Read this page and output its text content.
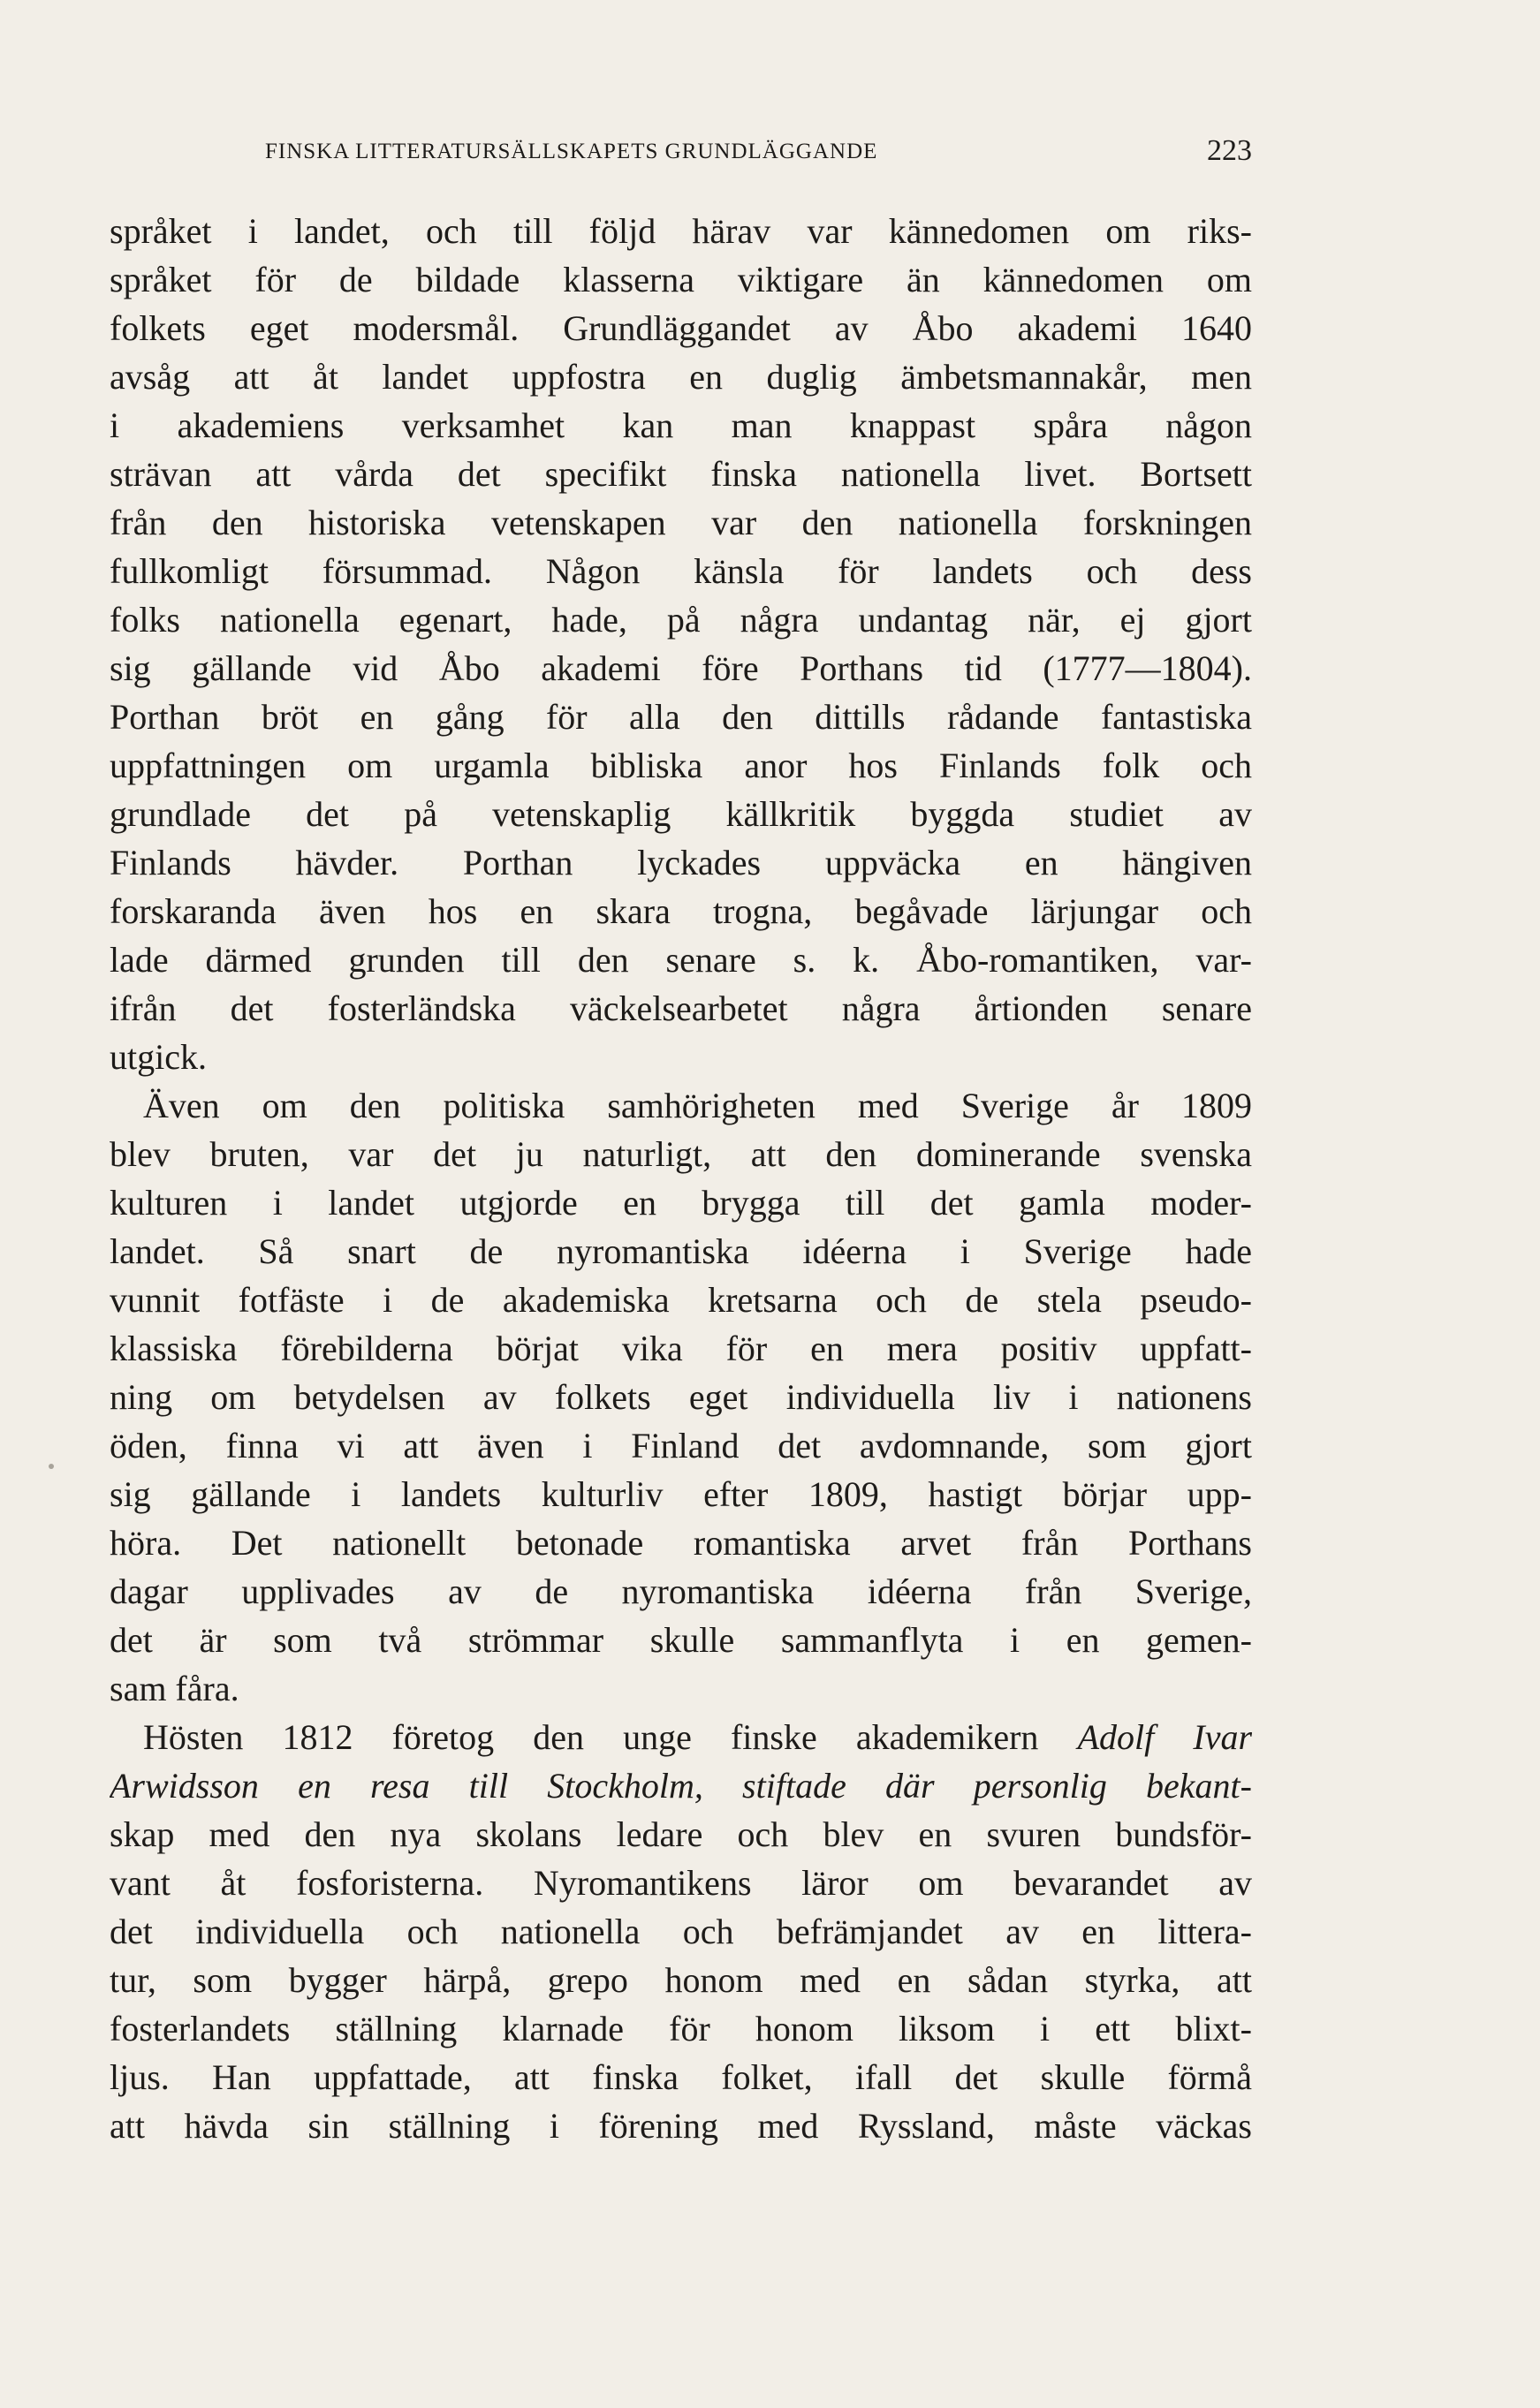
FINSKA LITTERATURSÄLLSKAPETS GRUNDLÄGGANDE	223
språket i landet, och till följd härav var kännedomen om riks-
språket för de bildade klasserna viktigare än kännedomen om
folkets eget modersmål. Grundläggandet av Åbo akademi 1640
avsåg att åt landet uppfostra en duglig ämbetsmannakår, men
i akademiens verksamhet kan man knappast spåra någon
strävan att vårda det specifikt finska nationella livet. Bortsett
från den historiska vetenskapen var den nationella forskningen
fullkomligt försummad. Någon känsla för landets och dess
folks nationella egenart, hade, på några undantag när, ej gjort
sig gällande vid Åbo akademi före Porthans tid (1777—1804).
Porthan bröt en gång för alla den dittills rådande fantastiska
uppfattningen om urgamla bibliska anor hos Finlands folk och
grundlade det på vetenskaplig källkritik byggda studiet av
Finlands hävder. Porthan lyckades uppväcka en hängiven
forskaranda även hos en skara trogna, begåvade lärjungar och
lade därmed grunden till den senare s. k. Åbo-romantiken, var-
ifrån det fosterländska väckelsearbetet några årtionden senare
utgick.
Även om den politiska samhörigheten med Sverige år 1809
blev bruten, var det ju naturligt, att den dominerande svenska
kulturen i landet utgjorde en brygga till det gamla moder-
landet. Så snart de nyromantiska idéerna i Sverige hade
vunnit fotfäste i de akademiska kretsarna och de stela pseudo-
klassiska förebilderna börjat vika för en mera positiv uppfatt-
ning om betydelsen av folkets eget individuella liv i nationens
öden, finna vi att även i Finland det avdomnande, som gjort
sig gällande i landets kulturliv efter 1809, hastigt börjar upp-
höra. Det nationellt betonade romantiska arvet från Porthans
dagar upplivades av de nyromantiska idéerna från Sverige,
det är som två strömmar skulle sammanflyta i en gemen-
sam fåra.
Hösten 1812 företog den unge finske akademikern Adolf Ivar
Arwidsson en resa till Stockholm, stiftade där personlig bekant-
skap med den nya skolans ledare och blev en svuren bundsför-
vant åt fosforisterna. Nyromantikens läror om bevarandet av
det individuella och nationella och befrämjandet av en littera-
tur, som bygger härpå, grepo honom med en sådan styrka, att
fosterlandets ställning klarnade för honom liksom i ett blixt-
ljus. Han uppfattade, att finska folket, ifall det skulle förmå
att hävda sin ställning i förening med Ryssland, måste väckas
